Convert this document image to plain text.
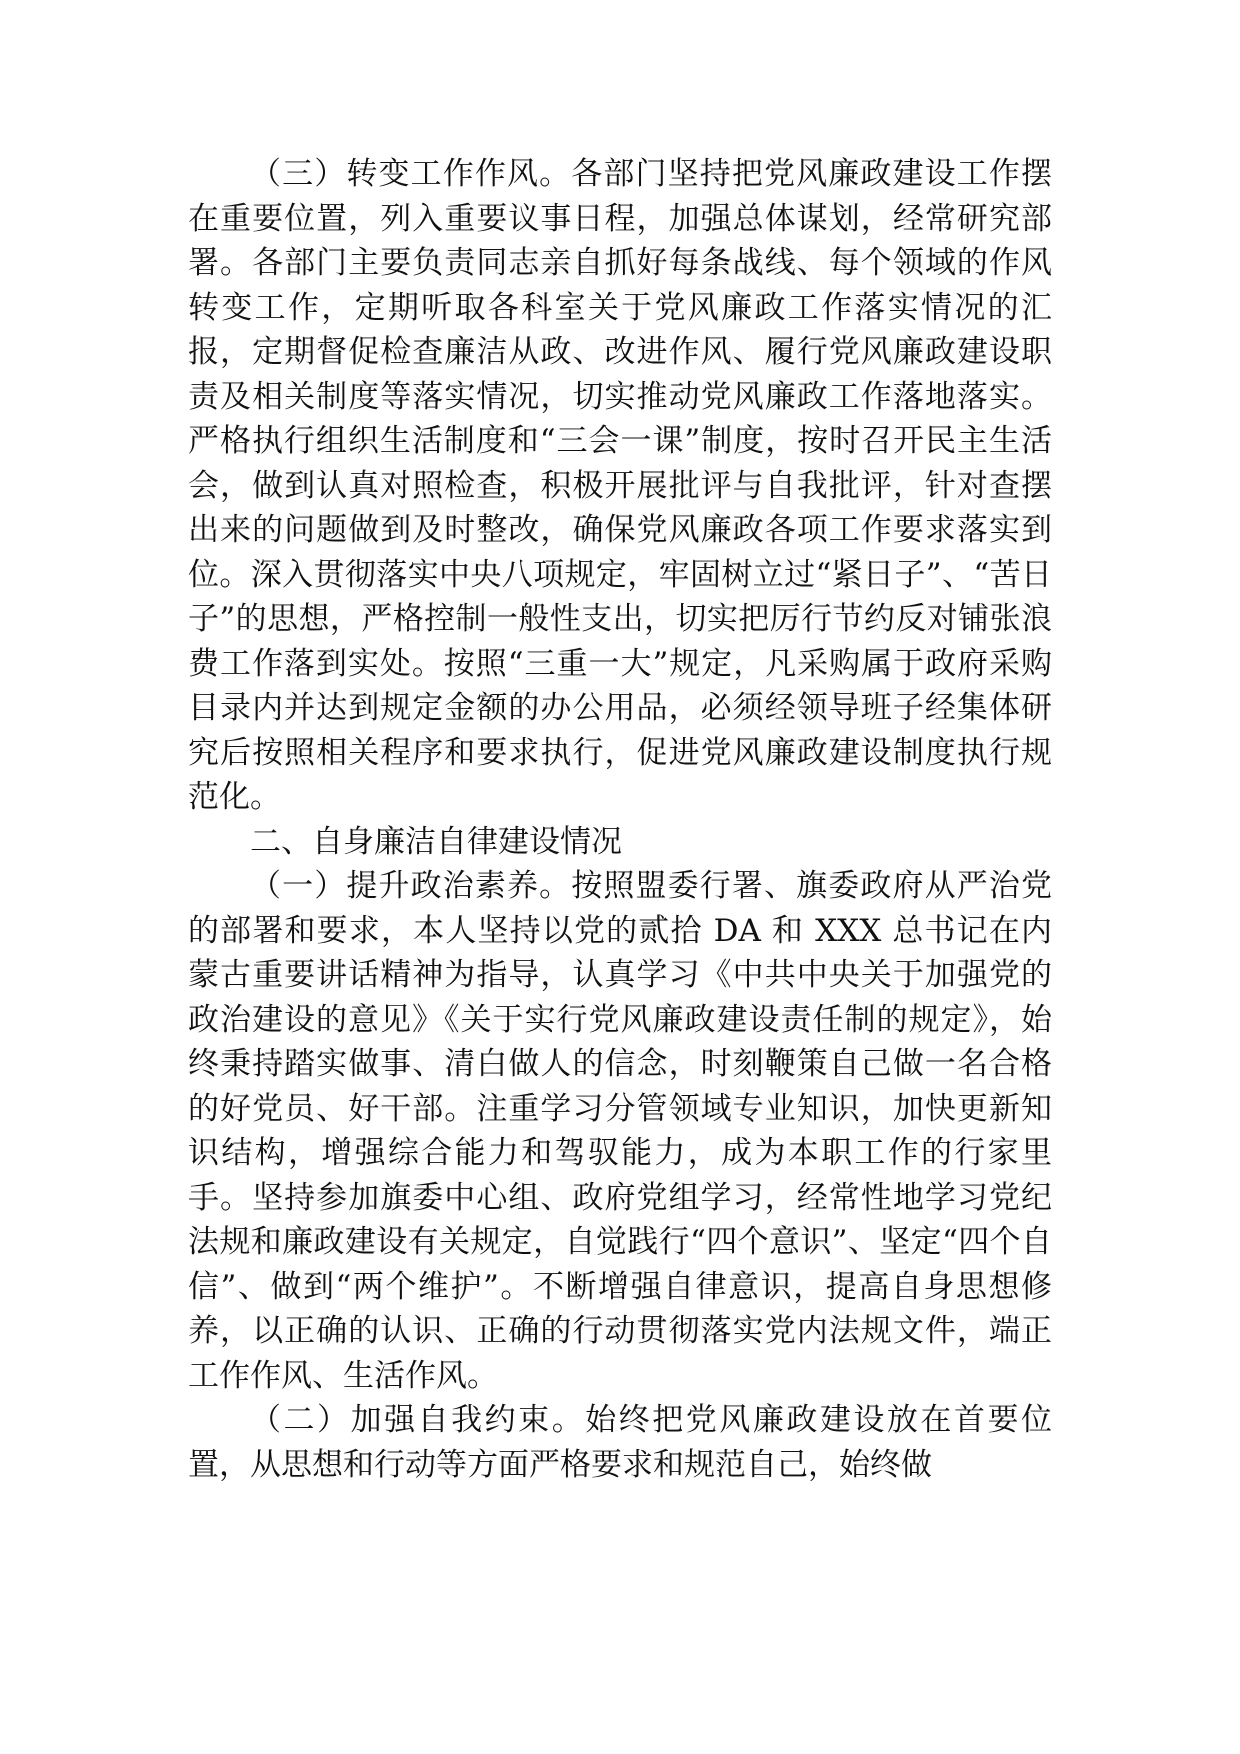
（三）转变工作作风。各部门坚持把党风廉政建设工作摆在重要位置，列入重要议事日程，加强总体谋划，经常研究部署。各部门主要负责同志亲自抓好每条战线、每个领域的作风转变工作，定期听取各科室关于党风廉政工作落实情况的汇报，定期督促检查廉洁从政、改进作风、履行党风廉政建设职责及相关制度等落实情况，切实推动党风廉政工作落地落实。严格执行组织生活制度和“三会一课”制度，按时召开民主生活会，做到认真对照检查，积极开展批评与自我批评，针对查摆出来的问题做到及时整改，确保党风廉政各项工作要求落实到位。深入贯彻落实中央八项规定，牢固树立过“紧日子”、“苦日子”的思想，严格控制一般性支出，切实把厉行节约反对铺张浪费工作落到实处。按照“三重一大”规定，凡采购属于政府采购目录内并达到规定金额的办公用品，必须经领导班子经集体研究后按照相关程序和要求执行，促进党风廉政建设制度执行规范化。

二、自身廉洁自律建设情况

（一）提升政治素养。按照盟委行署、旗委政府从严治党的部署和要求，本人坚持以党的贰拾 DA 和 XXX 总书记在内蒙古重要讲话精神为指导，认真学习《中共中央关于加强党的政治建设的意见》《关于实行党风廉政建设责任制的规定》，始终秉持踏实做事、清白做人的信念，时刻鞭策自己做一名合格的好党员、好干部。注重学习分管领域专业知识，加快更新知识结构，增强综合能力和驾驭能力，成为本职工作的行家里手。坚持参加旗委中心组、政府党组学习，经常性地学习党纪法规和廉政建设有关规定，自觉践行“四个意识”、坚定“四个自信”、做到“两个维护”。不断增强自律意识，提高自身思想修养，以正确的认识、正确的行动贯彻落实党内法规文件，端正工作作风、生活作风。

（二）加强自我约束。始终把党风廉政建设放在首要位置，从思想和行动等方面严格要求和规范自己，始终做
